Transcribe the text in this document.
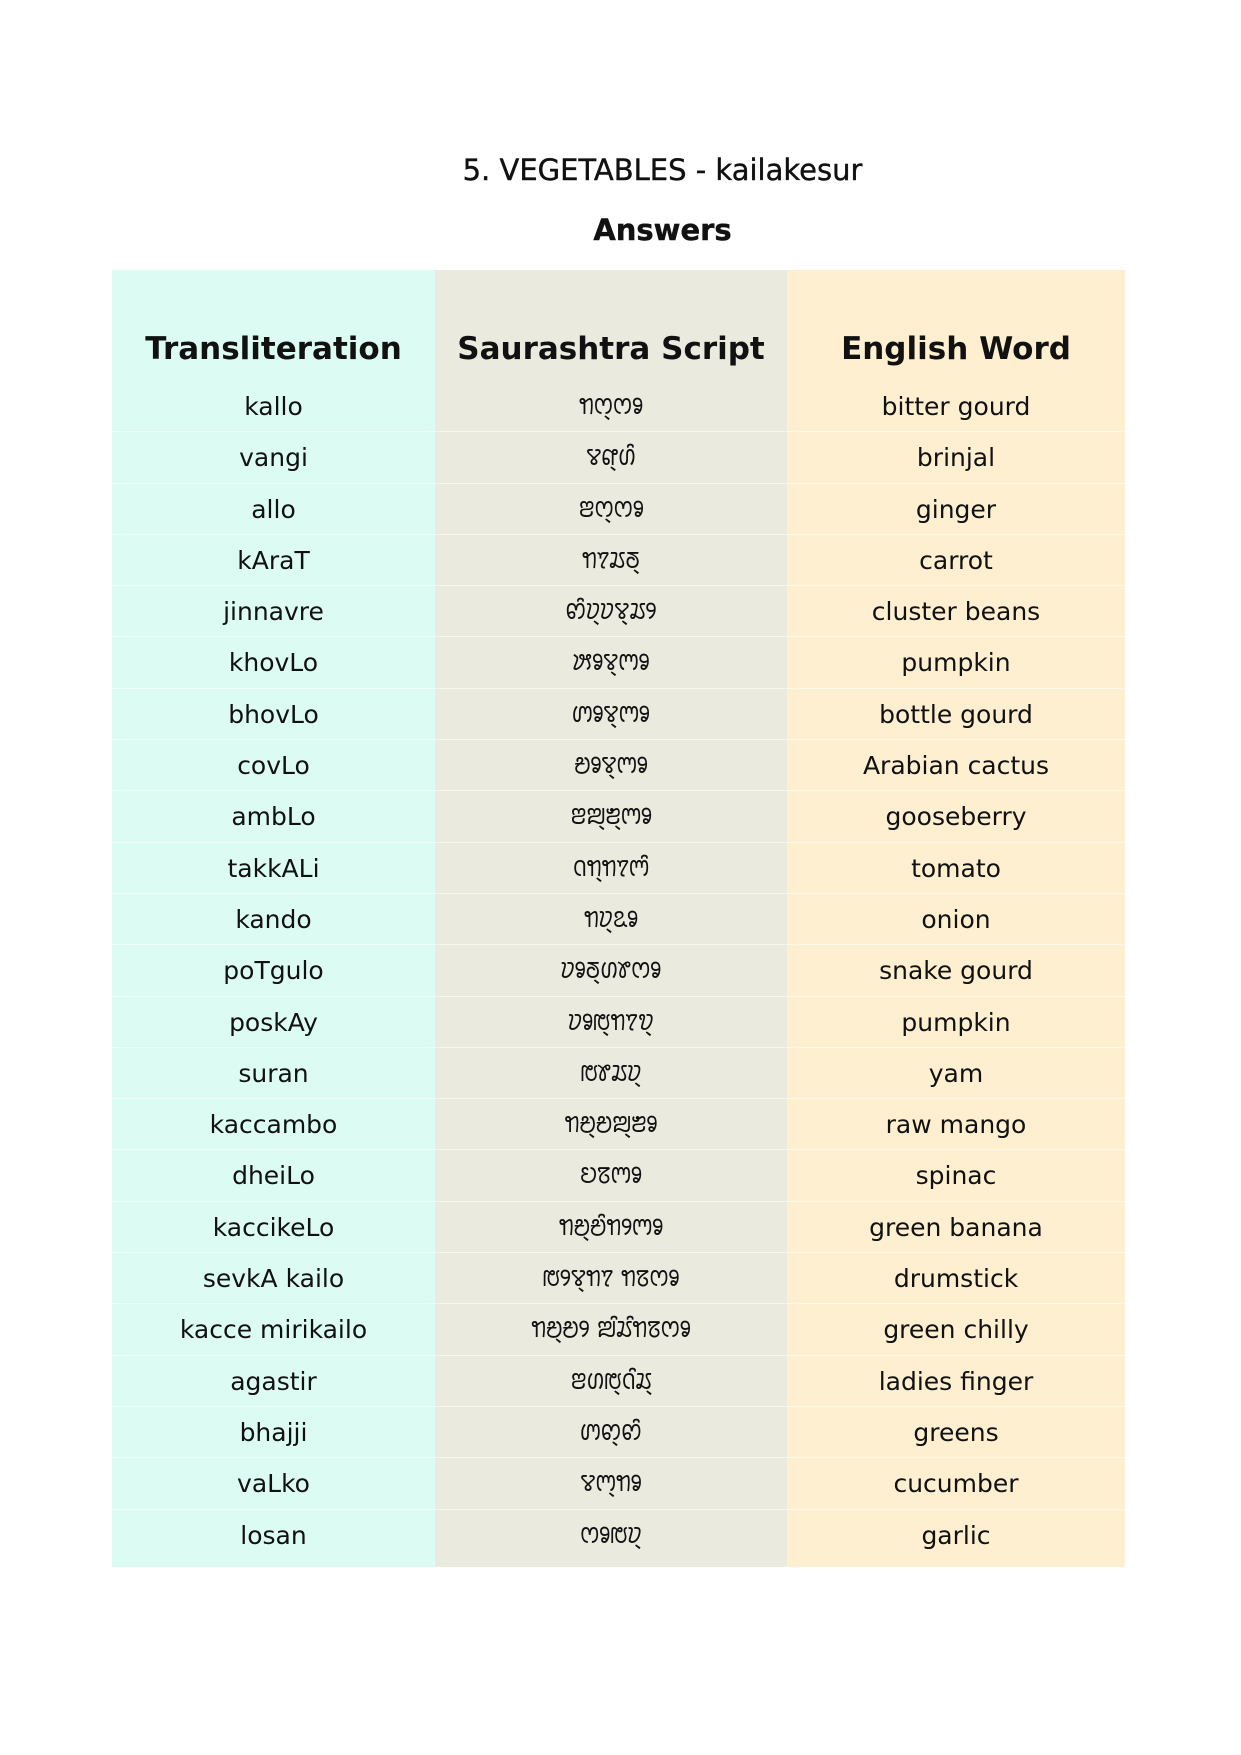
5. VEGETABLES - kailakesur
Answers
Transliteration
kallo
vangi
allo
kAraT
jinnavre
khovLo
bhovLo
covLo
ambLo
takkALi
kando
poTgulo
poskAy
suran
kaccambo
dheiLo
kaccikeLo
sevkA kailo
kacce mirikailo
agastir
bhajji
vaLko
losan
Saurashtra Script
ꢒꢭ꣄ꢭꣀ
ꢮꢥ꣄ꢔꢶ
ꢂꢭ꣄ꢭꣀ
ꢒꢵꢬꢜ꣄
ꢙꢶꢦ꣄ꢦꢮ꣄ꢬꢾ
ꢓꣀꢮ꣄ꢳꣀ
ꢩꣀꢮ꣄ꢳꣀ
ꢗꣀꢮ꣄ꢳꣀ
ꢂꢪ꣄ꢨ꣄ꢳꣀ
ꢡꢒ꣄ꢒꢵꢳꢶ
ꢒꢦ꣄ꢣꣀ
ꢦꣀꢜ꣄ꢔꢸꢭꣀ
ꢦꣀꢱ꣄ꢒꢵꢫ꣄
ꢱꢸꢬꢦ꣄
ꢒꢗ꣄ꢗꢪ꣄ꢨꣀ
ꢤꢿꢳꣀ
ꢒꢗ꣄ꢗꢶꢒꢾꢳꣀ
ꢱꢾꢮ꣄ꢒꢵ ꢒꢿꢭꣀ
ꢒꢗ꣄ꢗꢾ ꢪꢶꢬꢶꢒꢿꢭꣀ
ꢂꢔꢱ꣄ꢡꢶꢬ꣄
ꢩꢙ꣄ꢙꢶ
ꢮꢳ꣄ꢒꣀ
ꢭꣀꢱꢦ꣄
English Word
bitter gourd
brinjal
ginger
carrot
cluster beans
pumpkin
bottle gourd
Arabian cactus
gooseberry
tomato
onion
snake gourd
pumpkin
yam
raw mango
spinac
green banana
drumstick
green chilly
ladies finger
greens
cucumber
garlic
